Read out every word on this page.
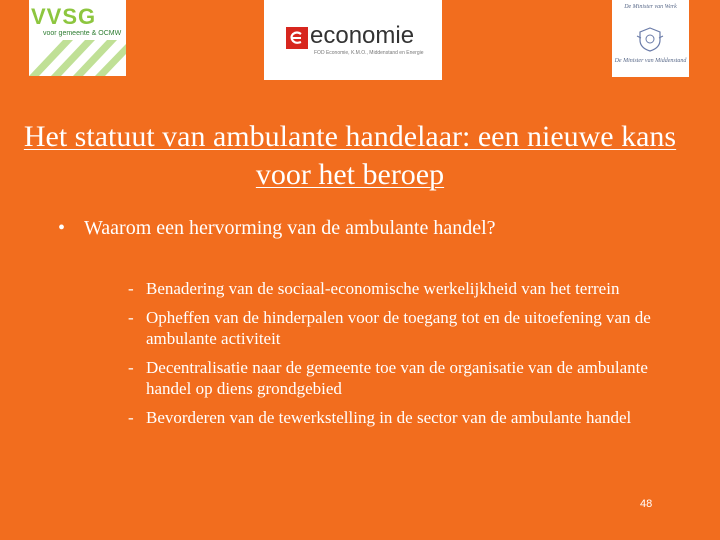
VVSG
voor gemeente & OCMW	economie
FOD Economie, K.M.O., Middenstand en Energie
De Minister van Werk
De Minister van Middenstand
Het statuut van ambulante handelaar: een nieuwe kans voor het beroep
• Waarom een hervorming van de ambulante handel?
- Benadering van de sociaal-economische werkelijkheid van het terrein
- Opheffen van de hinderpalen voor de toegang tot en de uitoefening van de ambulante activiteit
- Decentralisatie naar de gemeente toe van de organisatie van de ambulante handel op diens grondgebied
- Bevorderen van de tewerkstelling in de sector van de ambulante handel
48
